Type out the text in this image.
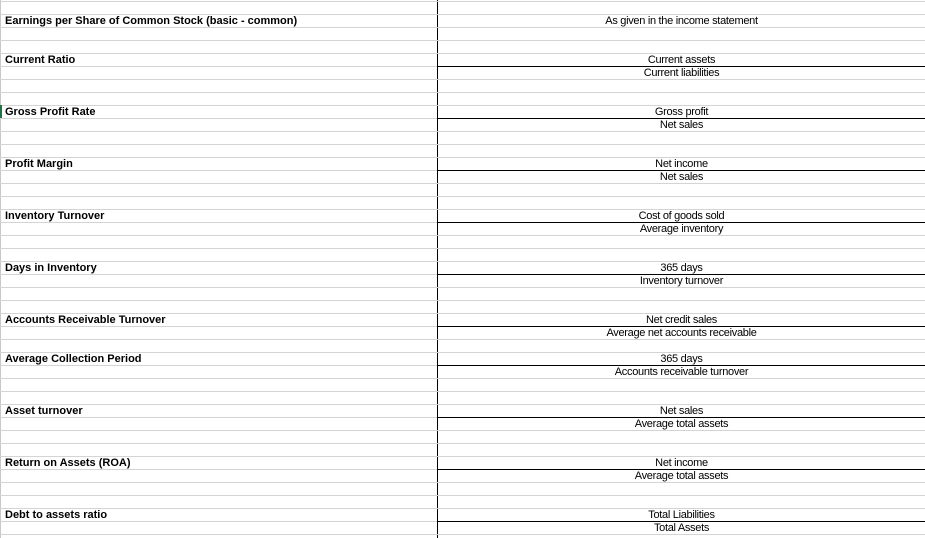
Earnings per Share of Common Stock (basic - common)	As given in the income statement
Current Ratio	Current assets
Current liabilities
Gross Profit Rate	Gross profit
Net sales
Profit Margin	Net income
Net sales
Inventory Turnover	Cost of goods sold
Average inventory
Days in Inventory	365 days
Inventory turnover
Accounts Receivable Turnover	Net credit sales
Average net accounts receivable
Average Collection Period	365 days
Accounts receivable turnover
Asset turnover	Net sales
Average total assets
Return on Assets (ROA)	Net income
Average total assets
Debt to assets ratio	Total Liabilities
Total Assets
